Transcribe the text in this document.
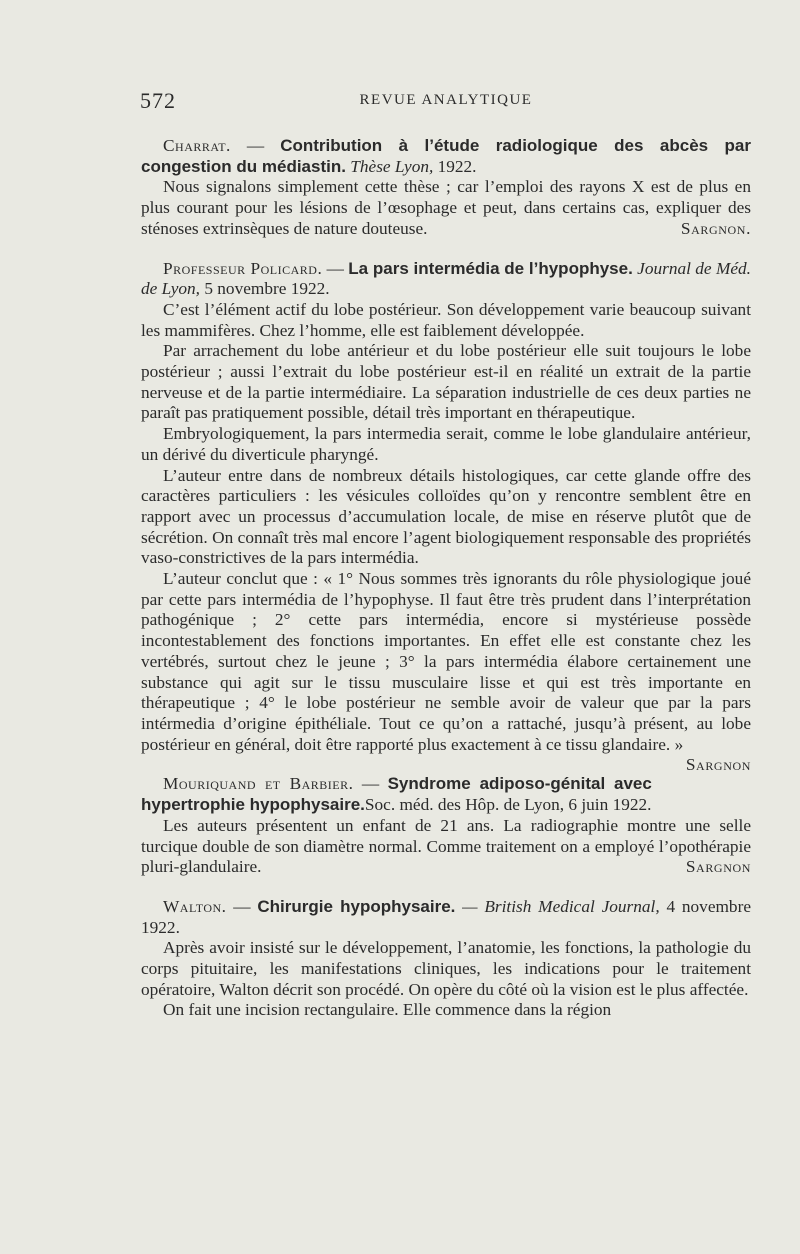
572	REVUE ANALYTIQUE

Charrat. — Contribution à l’étude radiologique des abcès par congestion du médiastin. Thèse Lyon, 1922.

Nous signalons simplement cette thèse ; car l’emploi des rayons X est de plus en plus courant pour les lésions de l’œsophage et peut, dans certains cas, expliquer des sténoses extrinsèques de nature douteuse.	Sargnon.

Professeur Policard. — La pars intermédia de l’hypophyse. Journal de Méd. de Lyon, 5 novembre 1922.

C’est l’élément actif du lobe postérieur. Son développement varie beaucoup suivant les mammifères. Chez l’homme, elle est faiblement développée.

Par arrachement du lobe antérieur et du lobe postérieur elle suit toujours le lobe postérieur ; aussi l’extrait du lobe postérieur est-il en réalité un extrait de la partie nerveuse et de la partie intermédiaire. La séparation industrielle de ces deux parties ne paraît pas pratiquement possible, détail très important en thérapeutique.

Embryologiquement, la pars intermedia serait, comme le lobe glandulaire antérieur, un dérivé du diverticule pharyngé.

L’auteur entre dans de nombreux détails histologiques, car cette glande offre des caractères particuliers : les vésicules colloïdes qu’on y rencontre semblent être en rapport avec un processus d’accumulation locale, de mise en réserve plutôt que de sécrétion. On connaît très mal encore l’agent biologiquement responsable des propriétés vaso-constrictives de la pars intermédia.

L’auteur conclut que : « 1° Nous sommes très ignorants du rôle physiologique joué par cette pars intermédia de l’hypophyse. Il faut être très prudent dans l’interprétation pathogénique ; 2° cette pars intermédia, encore si mystérieuse possède incontestablement des fonctions importantes. En effet elle est constante chez les vertébrés, surtout chez le jeune ; 3° la pars intermédia élabore certainement une substance qui agit sur le tissu musculaire lisse et qui est très importante en thérapeutique ; 4° le lobe postérieur ne semble avoir de valeur que par la pars intérmedia d’origine épithéliale. Tout ce qu’on a rattaché, jusqu’à présent, au lobe postérieur en général, doit être rapporté plus exactement à ce tissu glandaire. »
Sargnon

Mouriquand et Barbier. — Syndrome adiposo-génital avec hypertrophie hypophysaire.Soc. méd. des Hôp. de Lyon, 6 juin 1922.

Les auteurs présentent un enfant de 21 ans. La radiographie montre une selle turcique double de son diamètre normal. Comme traitement on a employé l’opothérapie pluri-glandulaire.	Sargnon

Walton. — Chirurgie hypophysaire. — British Medical Journal, 4 novembre 1922.

Après avoir insisté sur le développement, l’anatomie, les fonctions, la pathologie du corps pituitaire, les manifestations cliniques, les indications pour le traitement opératoire, Walton décrit son procédé. On opère du côté où la vision est le plus affectée.

On fait une incision rectangulaire. Elle commence dans la région
